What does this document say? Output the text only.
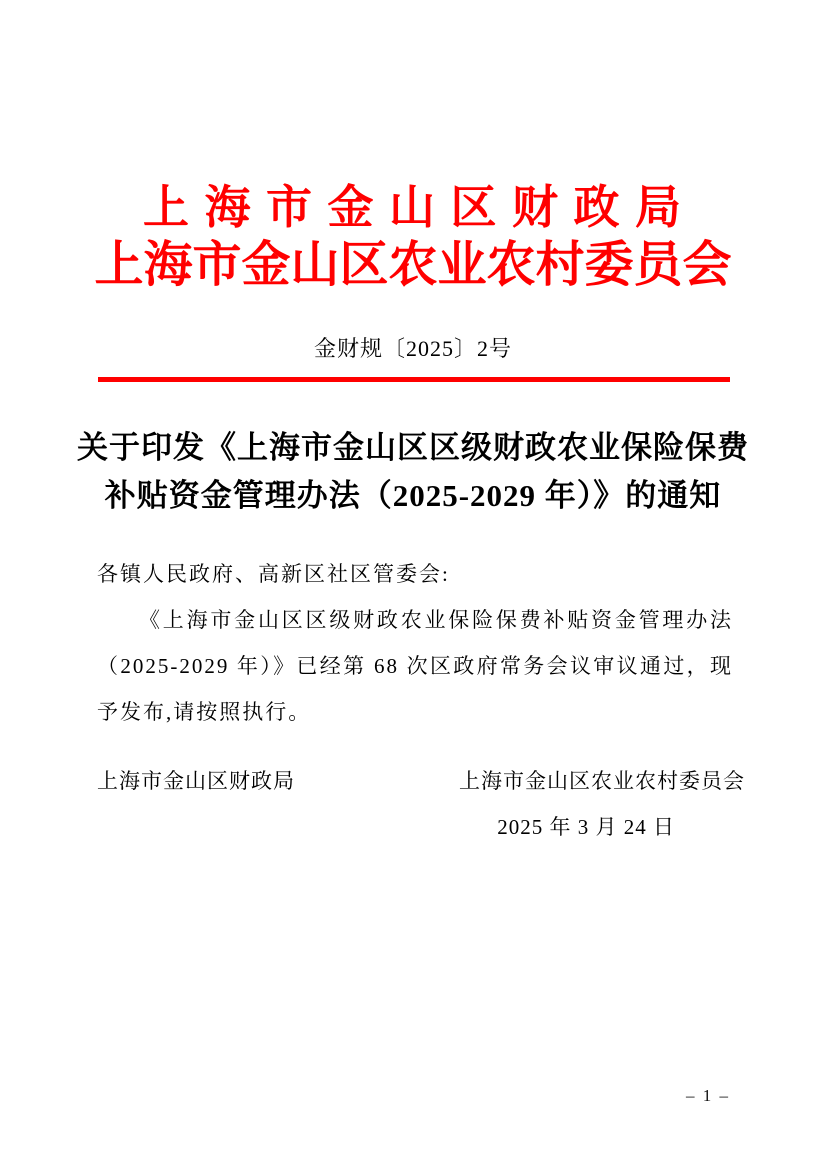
上 海 市 金 山 区 财 政 局
上海市金山区农业农村委员会
金财规〔2025〕2号
关于印发《上海市金山区区级财政农业保险保费
补贴资金管理办法（2025-2029 年）》的通知
各镇人民政府、高新区社区管委会:
《上海市金山区区级财政农业保险保费补贴资金管理办法（2025-2029 年）》已经第 68 次区政府常务会议审议通过，现予发布,请按照执行。
上海市金山区财政局	上海市金山区农业农村委员会
2025 年 3 月 24 日
– 1 –
